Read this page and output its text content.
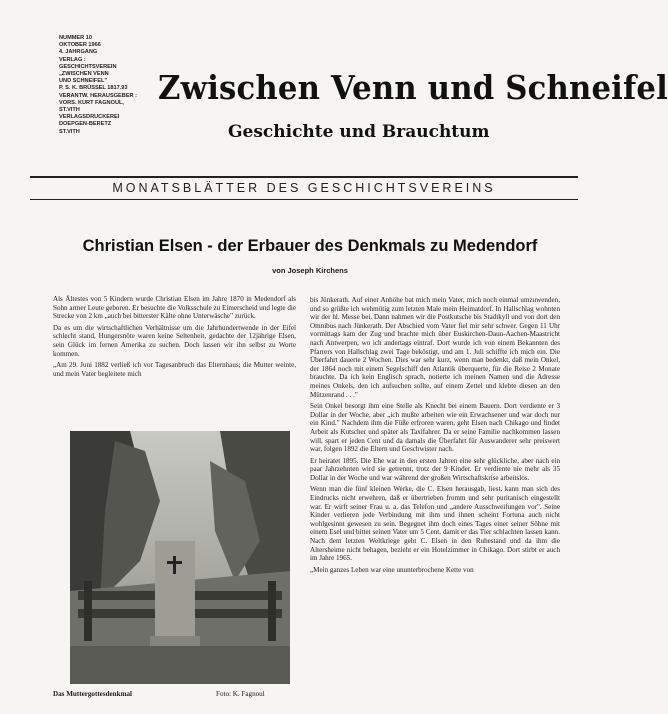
NUMMER 10
OKTOBER 1966
4. JAHRGANG
VERLAG :
GESCHICHTSVEREIN
„ZWISCHEN VENN
UND SCHNEIFEL"
P. S. K. BRÜSSEL 1817.93
VERANTW. HERAUSGEBER :
VORS. KURT FAGNOUL,
ST.VITH
VERLAGSDRUCKEREI
DOEPGEN-BERETZ
ST.VITH
Zwischen Venn und Schneifel
Geschichte und Brauchtum
MONATSBLÄTTER DES GESCHICHTSVEREINS
Christian Elsen - der Erbauer des Denkmals zu Medendorf
von Joseph Kirchens

Als Ältestes von 5 Kindern wurde Christian Elsen im Jahre 1870 in Medendorf als Sohn armer Leute geboren. Er besuchte die Volksschule zu Eimerscheid und legte die Strecke von 2 km „auch bei bitterster Kälte ohne Unterwäsche" zurück.

Da es um die wirtschaftlichen Verhältnisse um die Jahrhundertwende in der Eifel schlecht stand, Hungersnöte waren keine Seltenheit, gedachte der 12jährige Elsen, sein Glück im fernen Amerika zu suchen. Doch lassen wir ihn selbst zu Worte kommen.

„Am 29. Juni 1882 verließ ich vor Tagesanbruch das Elternhaus; die Mutter weinte, und mein Vater begleitete mich

Das Muttergottesdenkmal	Foto: K. Fagnoul

bis Jünkerath. Auf einer Anhöhe bat mich mein Vater, mich noch einmal umzuwenden, und so grüßte ich wehmütig zum letzten Male mein Heimatdorf. In Hallschlag wohnten wir der hl. Messe bei. Dann nahmen wir die Postkutsche bis Stadtkyll und von dort den Omnibus nach Jünkerath. Der Abschied vom Vater fiel mir sehr schwer. Gegen 11 Uhr vormittags kam der Zug und brachte mich über Euskirchen-Daun-Aachen-Maastricht nach Antwerpen, wo ich andertags eintraf. Dort wurde ich von einem Bekannten des Pfarrers von Hallschlag zwei Tage beköstigt, und am 1. Juli schiffte ich mich ein. Die Überfahrt dauerte 2 Wochen. Dies war sehr kurz, wenn man bedenkt, daß mein Onkel, der 1864 noch mit einem Segelschiff den Atlantik überquerte, für die Reise 2 Monate brauchte. Da ich kein Englisch sprach, notierte ich meinen Namen und die Adresse meines Onkels, den ich aufsuchen sollte, auf einem Zettel und klebte diesen an den Mützenrand . . ."

Sein Onkel besorgt ihm eine Stelle als Knecht bei einem Bauern. Dort verdiente er 3 Dollar in der Woche, aber „ich mußte arbeiten wie ein Erwachsener und war doch nur ein Kind." Nachdem ihm die Füße erfroren waren, geht Elsen nach Chikago und findet Arbeit als Kutscher und später als Taxifahrer. Da er seine Familie nachkommen lassen will, spart er jeden Cent und da damals die Überfahrt für Auswanderer sehr preiswert war, folgen 1892 die Eltern und Geschwister nach.

Er heiratet 1895. Die Ehe war in den ersten Jahren eine sehr glückliche, aber nach ein paar Jahrzehnten wird sie getrennt, trotz der 9 Kinder. Er verdiente nie mehr als 35 Dollar in der Woche und war während der großen Wirtschaftskrise arbeitslos.

Wenn man die fünf kleinen Werke, die C. Elsen herausgab, liest, kann man sich des Eindrucks nicht erwehren, daß er übertrieben fromm und sehr puritanisch eingestellt war. Er wirft seiner Frau u. a. das Telefon und „andere Ausschweifungen vor". Seine Kinder verlieren jede Verbindung mit ihm und ihnen scheint Fortuna auch nicht wohlgesinnt gewesen zu sein. Begegnet ihm doch eines Tages einer seiner Söhne mit einem Esel und bittet seinen Vater um 5 Cent, damit er das Tier schlachten lassen kann. Nach dem letzten Weltkriege geht C. Elsen in den Ruhestand und da ihm die Altersheime nicht behagen, bezieht er ein Hotelzimmer in Chikago. Dort stirbt er auch im Jahre 1965.

„Mein ganzes Leben war eine ununterbrochene Kette von
